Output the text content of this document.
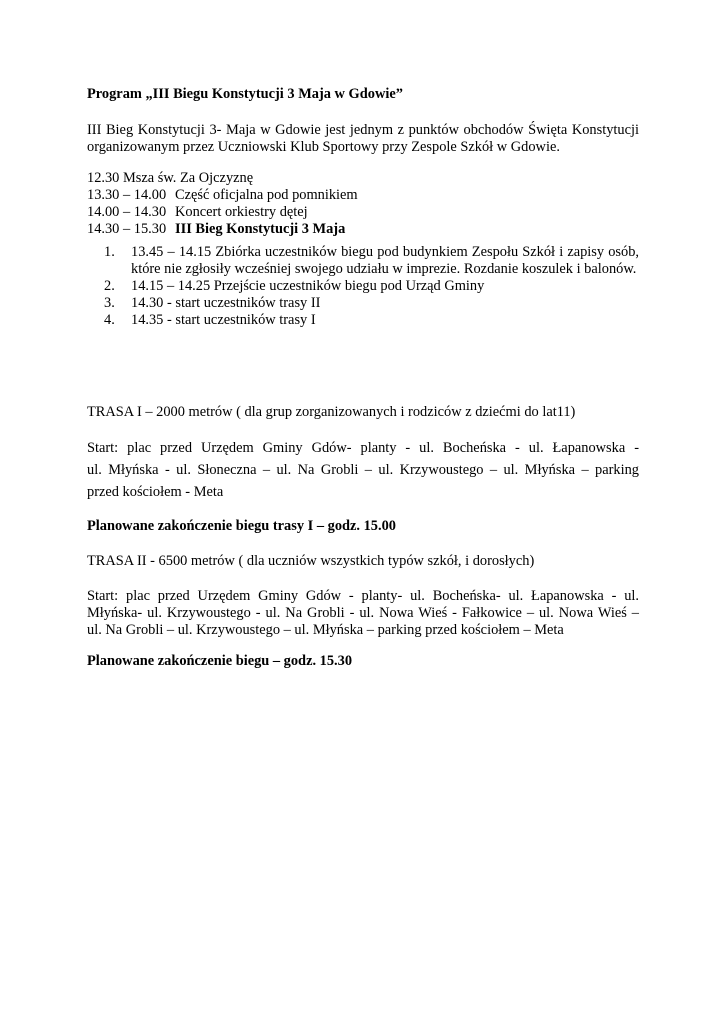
Program „III Biegu Konstytucji 3 Maja w Gdowie”

III Bieg Konstytucji 3- Maja w Gdowie jest jednym z punktów obchodów Święta Konstytucji
organizowanym przez Uczniowski Klub Sportowy przy Zespole Szkół w Gdowie.
12.30 Msza św. Za Ojczyznę
13.30 – 14.00 Część oficjalna pod pomnikiem
14.00 – 14.30 Koncert orkiestry dętej
14.30 – 15.30 III Bieg Konstytucji 3 Maja
1. 13.45 – 14.15 Zbiórka uczestników biegu pod budynkiem Zespołu Szkół i zapisy osób, które nie zgłosiły wcześniej swojego udziału w imprezie. Rozdanie koszulek i balonów.
2. 14.15 – 14.25 Przejście uczestników biegu pod Urząd Gminy
3. 14.30 - start uczestników trasy II
4. 14.35 - start uczestników trasy I

TRASA I – 2000 metrów ( dla grup zorganizowanych i rodziców z dziećmi do lat11)

Start: plac przed Urzędem Gminy Gdów- planty - ul. Bocheńska - ul. Łapanowska -
ul. Młyńska - ul. Słoneczna – ul. Na Grobli – ul. Krzywoustego – ul. Młyńska – parking
przed kościołem - Meta

Planowane zakończenie biegu trasy I – godz. 15.00

TRASA II - 6500 metrów ( dla uczniów wszystkich typów szkół, i dorosłych)

Start: plac przed Urzędem Gminy Gdów - planty- ul. Bocheńska- ul. Łapanowska - ul.
Młyńska- ul. Krzywoustego - ul. Na Grobli - ul. Nowa Wieś - Fałkowice – ul. Nowa Wieś –
ul. Na Grobli – ul. Krzywoustego – ul. Młyńska – parking przed kościołem – Meta

Planowane zakończenie biegu – godz. 15.30
